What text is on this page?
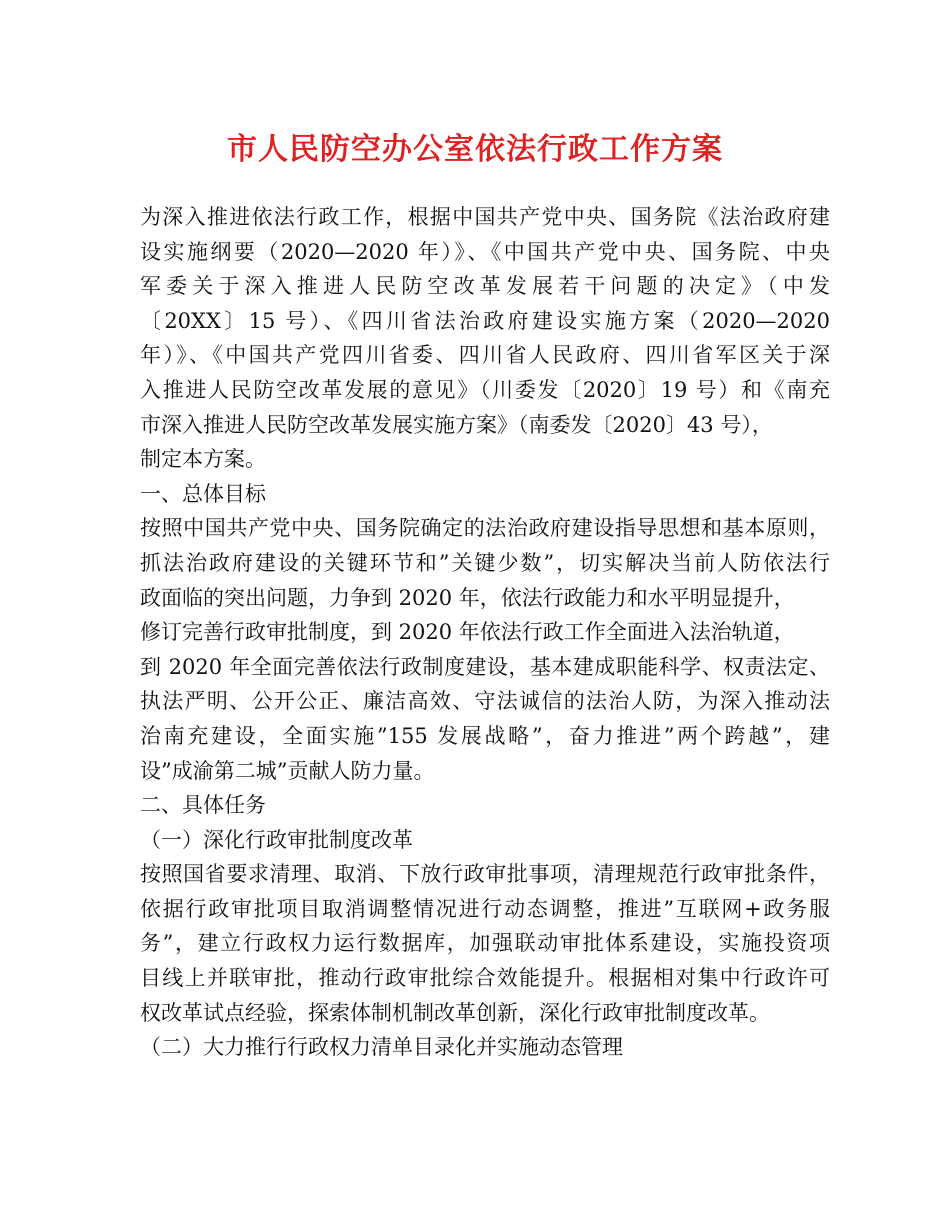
市人民防空办公室依法行政工作方案
为深入推进依法行政工作，根据中国共产党中央、国务院《法治政府建
设实施纲要（2020—2020 年）》、《中国共产党中央、国务院、中央
军委关于深入推进人民防空改革发展若干问题的决定》（中发
〔20XX〕15 号）、《四川省法治政府建设实施方案（2020—2020
年）》、《中国共产党四川省委、四川省人民政府、四川省军区关于深
入推进人民防空改革发展的意见》（川委发〔2020〕19 号）和《南充
市深入推进人民防空改革发展实施方案》（南委发〔2020〕43 号），
制定本方案。
一、总体目标
按照中国共产党中央、国务院确定的法治政府建设指导思想和基本原则，
抓法治政府建设的关键环节和”关键少数”，切实解决当前人防依法行
政面临的突出问题，力争到 2020 年，依法行政能力和水平明显提升，
修订完善行政审批制度，到 2020 年依法行政工作全面进入法治轨道，
到 2020 年全面完善依法行政制度建设，基本建成职能科学、权责法定、
执法严明、公开公正、廉洁高效、守法诚信的法治人防，为深入推动法
治南充建设，全面实施”155 发展战略”，奋力推进”两个跨越”，建
设”成渝第二城”贡献人防力量。
二、具体任务
（一）深化行政审批制度改革
按照国省要求清理、取消、下放行政审批事项，清理规范行政审批条件，
依据行政审批项目取消调整情况进行动态调整，推进”互联网+政务服
务”，建立行政权力运行数据库，加强联动审批体系建设，实施投资项
目线上并联审批，推动行政审批综合效能提升。根据相对集中行政许可
权改革试点经验，探索体制机制改革创新，深化行政审批制度改革。
（二）大力推行行政权力清单目录化并实施动态管理
